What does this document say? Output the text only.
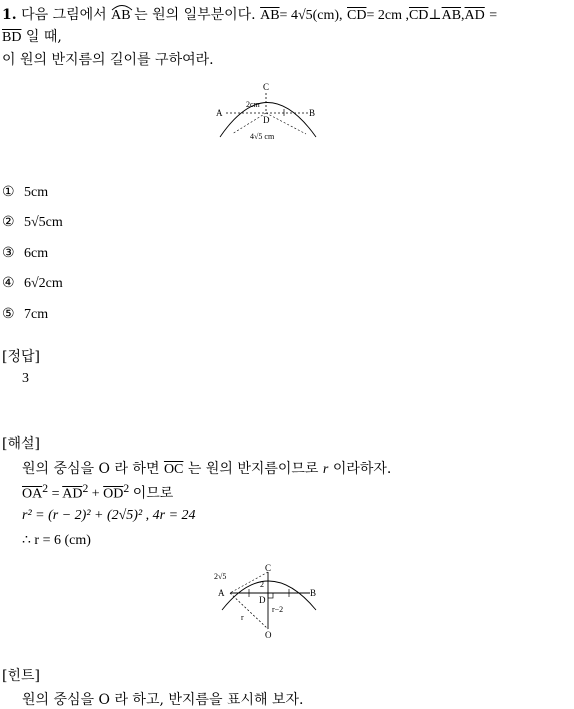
1. 다음 그림에서 AB 는 원의 일부분이다. $\overline{AB}= 4√5(cm)$, $\overline{CD}= 2cm$ $,\overline{CD}\perp\overline{AB},\overline{AD}$ =
$\overline{BD}$ 일 때,
이 원의 반지름의 길이를 구하여라.
C
A	B
D
2cm
4√5 cm
① 5cm
② 5√5cm
③ 6cm
④ 6√2cm
⑤ 7cm
[정답]
3
[해설]
원의 중심을 O 라 하면 $\overline{OC}$ 는 원의 반지름이므로 r 이라하자.
$\overline{OA}^2 = \overline{AD}^2 + \overline{OD}^2$ 이므로
r² = (r − 2)² + (2√5)² , 4r = 24
∴ r = 6 (cm)
2√5
C
2
A	B
D
r−2
r
O
[힌트]
원의 중심을 O 라 하고, 반지름을 표시해 보자.
